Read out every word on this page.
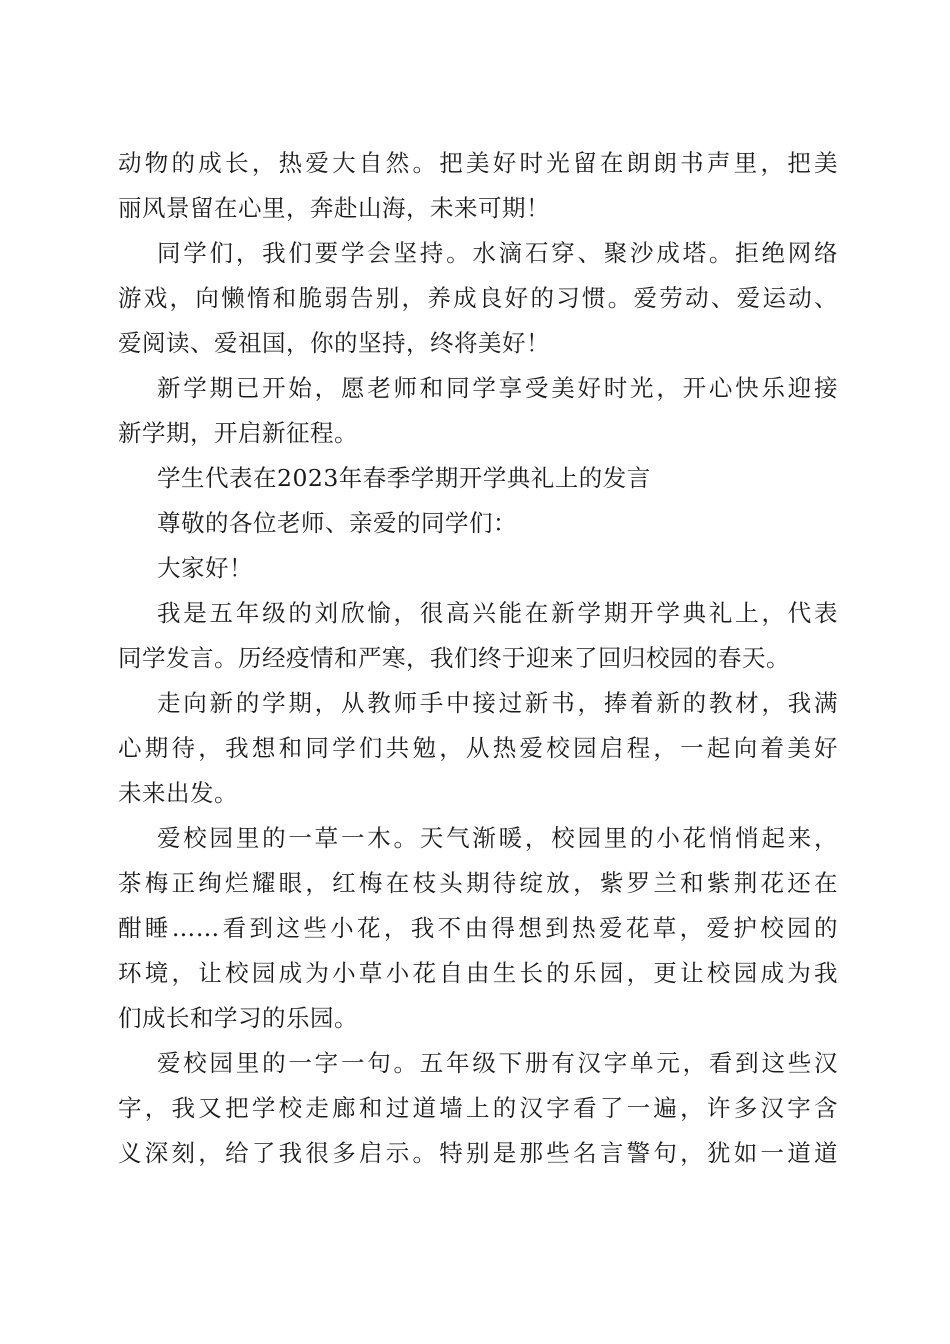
动物的成长，热爱大自然。把美好时光留在朗朗书声里，把美
丽风景留在心里，奔赴山海，未来可期！
同学们，我们要学会坚持。水滴石穿、聚沙成塔。拒绝网络
游戏，向懒惰和脆弱告别，养成良好的习惯。爱劳动、爱运动、
爱阅读、爱祖国，你的坚持，终将美好！
新学期已开始，愿老师和同学享受美好时光，开心快乐迎接
新学期，开启新征程。
学生代表在2023年春季学期开学典礼上的发言
尊敬的各位老师、亲爱的同学们：
大家好！
我是五年级的刘欣愉，很高兴能在新学期开学典礼上，代表
同学发言。历经疫情和严寒，我们终于迎来了回归校园的春天。
走向新的学期，从教师手中接过新书，捧着新的教材，我满
心期待，我想和同学们共勉，从热爱校园启程，一起向着美好
未来出发。
爱校园里的一草一木。天气渐暖，校园里的小花悄悄起来，
茶梅正绚烂耀眼，红梅在枝头期待绽放，紫罗兰和紫荆花还在
酣睡……看到这些小花，我不由得想到热爱花草，爱护校园的
环境，让校园成为小草小花自由生长的乐园，更让校园成为我
们成长和学习的乐园。
爱校园里的一字一句。五年级下册有汉字单元，看到这些汉
字，我又把学校走廊和过道墙上的汉字看了一遍，许多汉字含
义深刻，给了我很多启示。特别是那些名言警句，犹如一道道
